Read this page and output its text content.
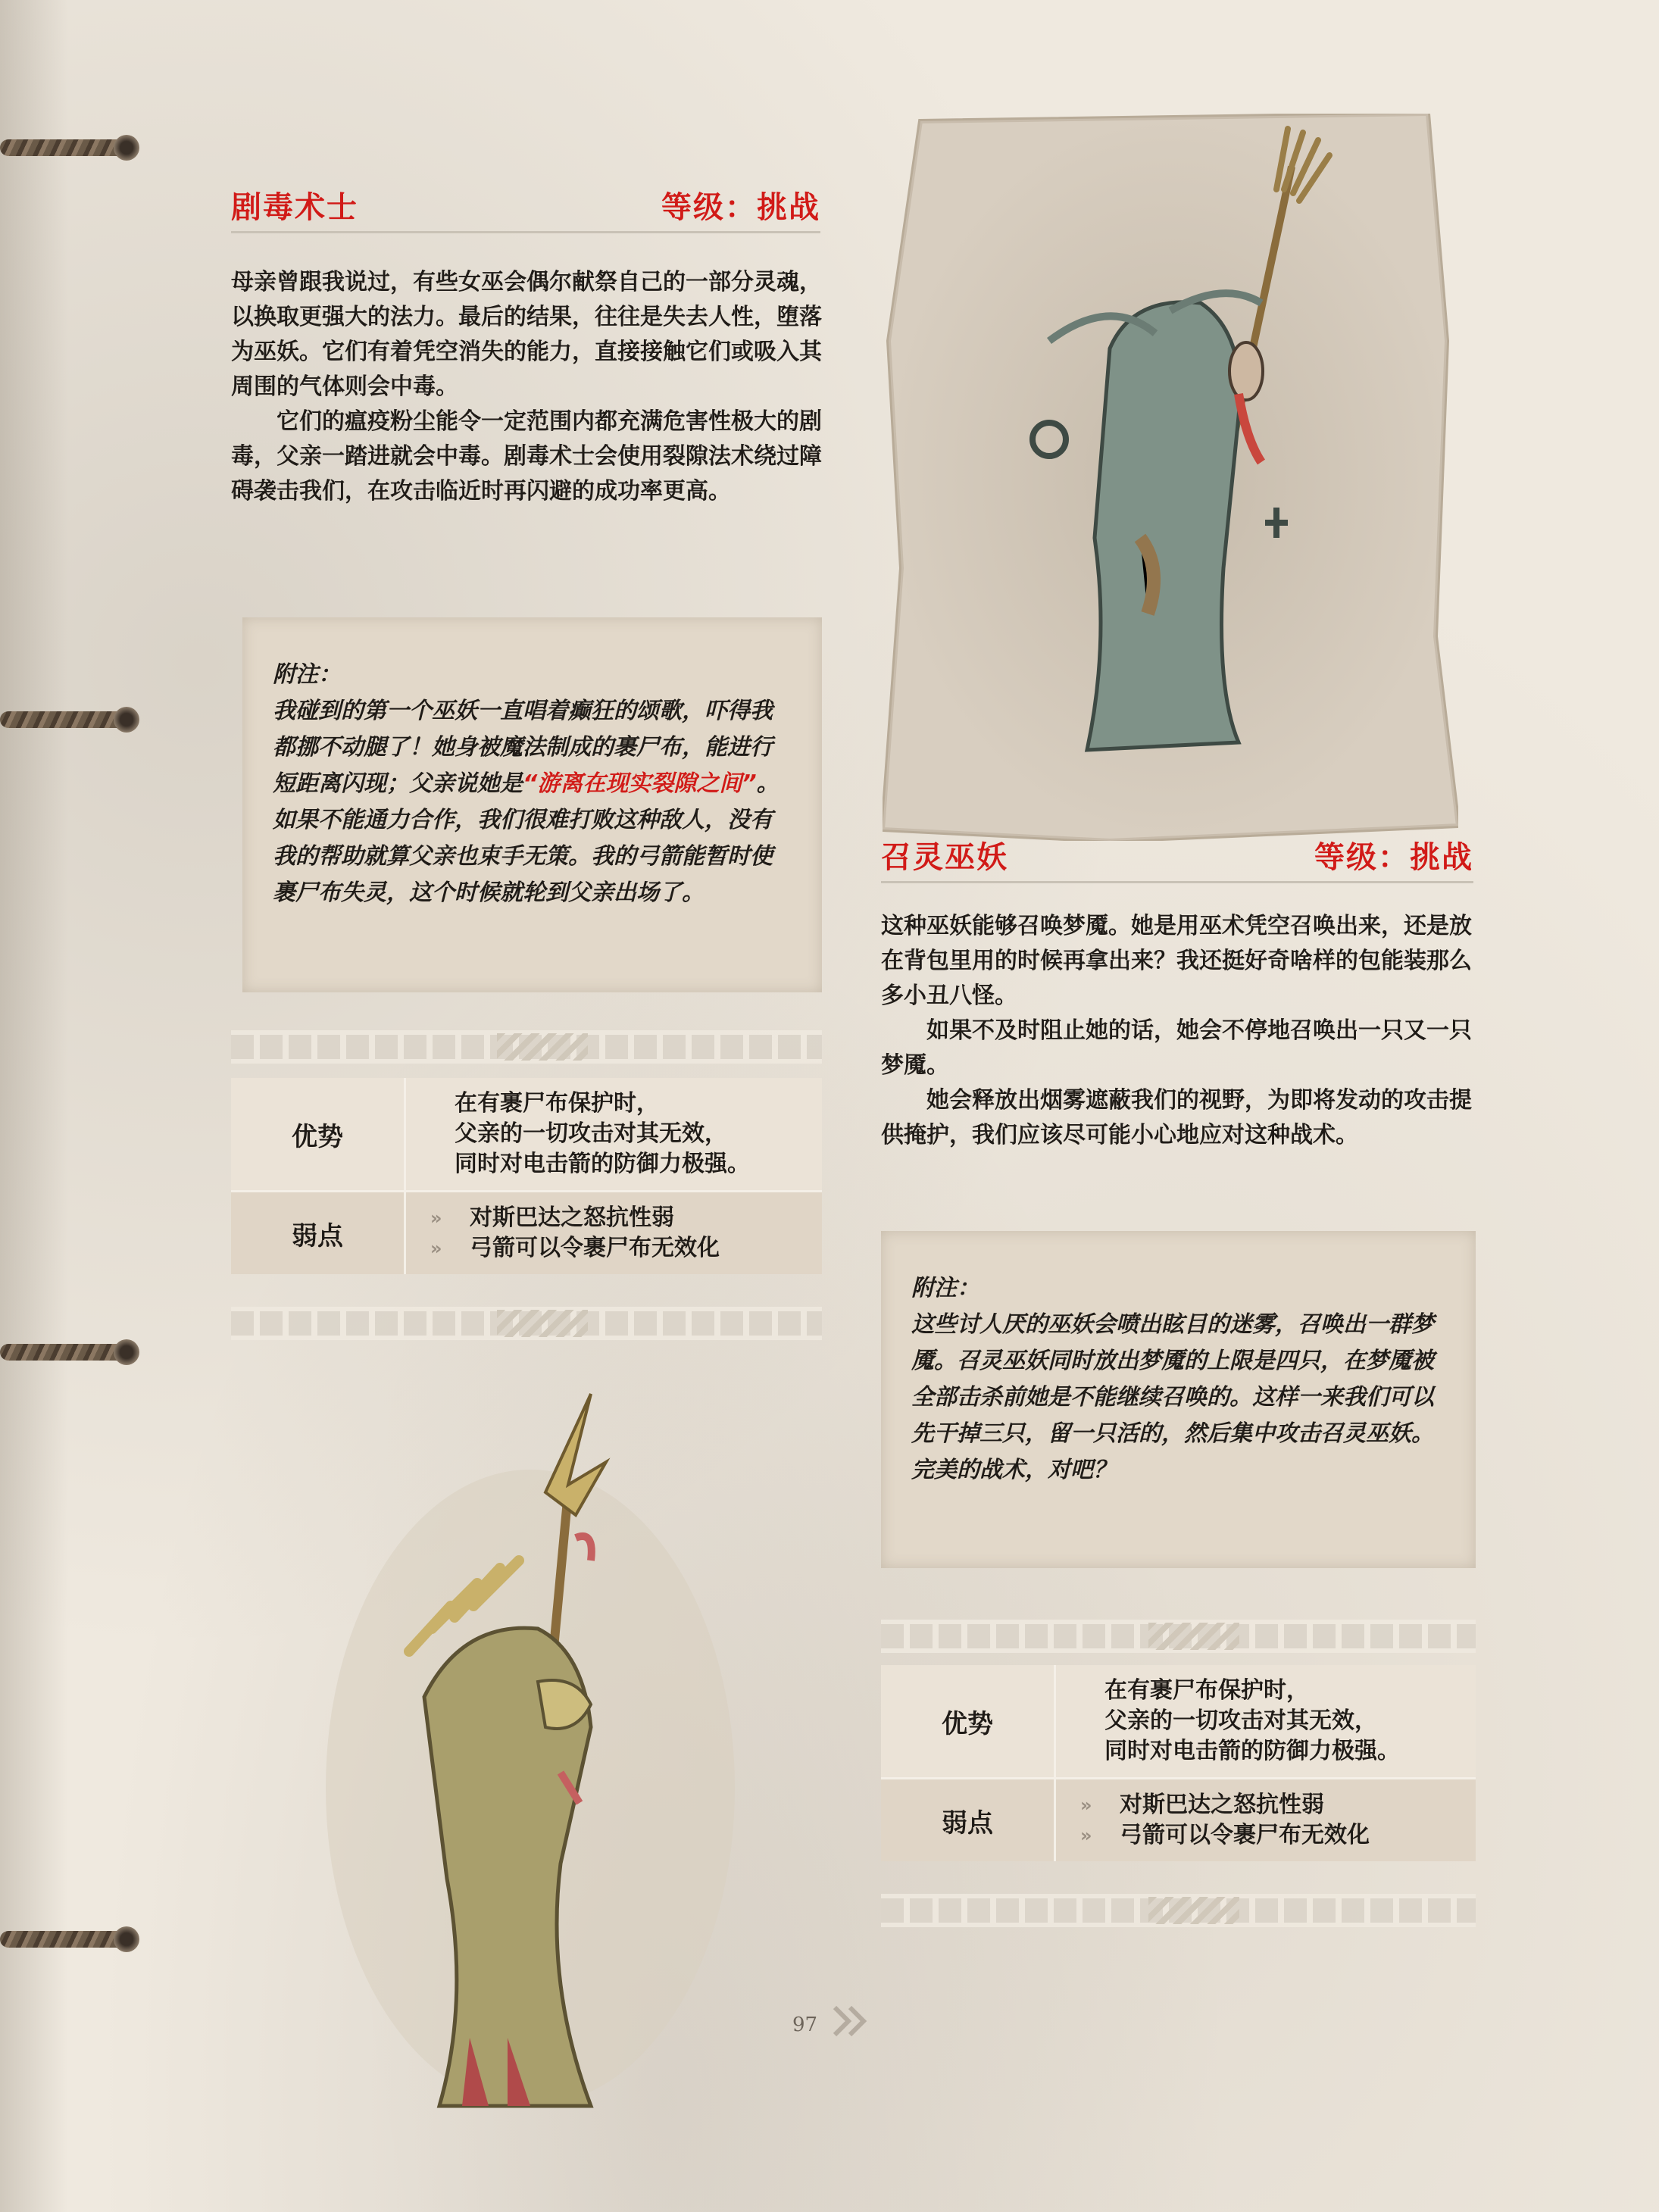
剧毒术士	等级：挑战

母亲曾跟我说过，有些女巫会偶尔献祭自己的一部分灵魂，以换取更强大的法力。最后的结果，往往是失去人性，堕落为巫妖。它们有着凭空消失的能力，直接接触它们或吸入其周围的气体则会中毒。

它们的瘟疫粉尘能令一定范围内都充满危害性极大的剧毒，父亲一踏进就会中毒。剧毒术士会使用裂隙法术绕过障碍袭击我们，在攻击临近时再闪避的成功率更高。

附注：
我碰到的第一个巫妖一直唱着癫狂的颂歌，吓得我都挪不动腿了！她身被魔法制成的裹尸布，能进行短距离闪现；父亲说她是“游离在现实裂隙之间”。如果不能通力合作，我们很难打败这种敌人，没有我的帮助就算父亲也束手无策。我的弓箭能暂时使裹尸布失灵，这个时候就轮到父亲出场了。
优势
在有裹尸布保护时，
父亲的一切攻击对其无效，
同时对电击箭的防御力极强。
弱点
»	对斯巴达之怒抗性弱
»	弓箭可以令裹尸布无效化
召灵巫妖	等级：挑战

这种巫妖能够召唤梦魇。她是用巫术凭空召唤出来，还是放在背包里用的时候再拿出来？我还挺好奇啥样的包能装那么多小丑八怪。

如果不及时阻止她的话，她会不停地召唤出一只又一只梦魇。

她会释放出烟雾遮蔽我们的视野，为即将发动的攻击提供掩护，我们应该尽可能小心地应对这种战术。

附注：
这些讨人厌的巫妖会喷出眩目的迷雾，召唤出一群梦魇。召灵巫妖同时放出梦魇的上限是四只，在梦魇被全部击杀前她是不能继续召唤的。这样一来我们可以先干掉三只，留一只活的，然后集中攻击召灵巫妖。完美的战术，对吧？
优势
在有裹尸布保护时，
父亲的一切攻击对其无效，
同时对电击箭的防御力极强。
弱点
»	对斯巴达之怒抗性弱
»	弓箭可以令裹尸布无效化
97
